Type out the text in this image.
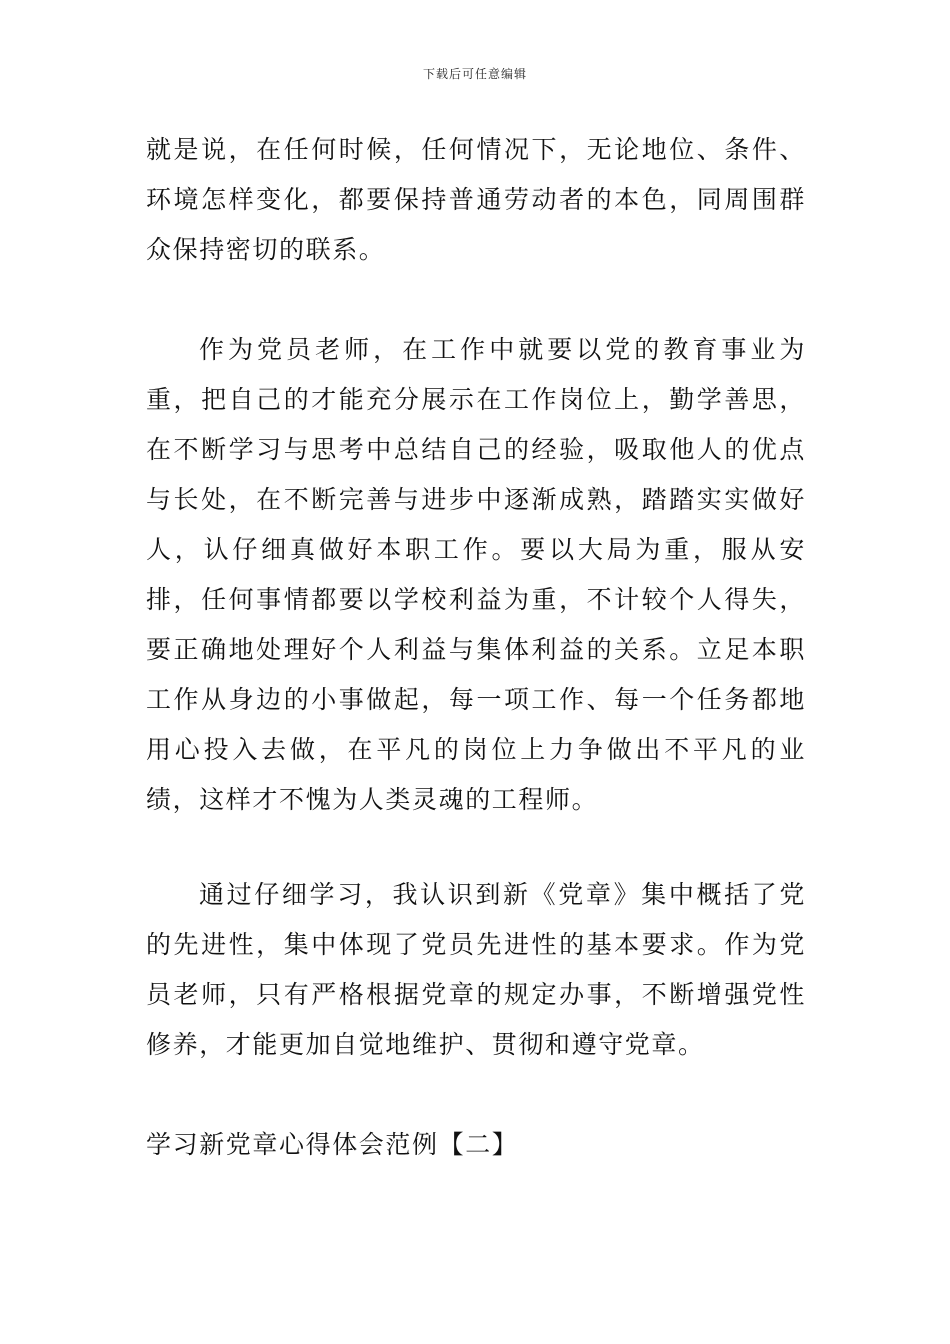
下载后可任意编辑

就是说，在任何时候，任何情况下，无论地位、条件、环境怎样变化，都要保持普通劳动者的本色，同周围群众保持密切的联系。

作为党员老师，在工作中就要以党的教育事业为重，把自己的才能充分展示在工作岗位上，勤学善思，在不断学习与思考中总结自己的经验，吸取他人的优点与长处，在不断完善与进步中逐渐成熟，踏踏实实做好人，认仔细真做好本职工作。要以大局为重，服从安排，任何事情都要以学校利益为重，不计较个人得失，要正确地处理好个人利益与集体利益的关系。立足本职工作从身边的小事做起，每一项工作、每一个任务都地用心投入去做，在平凡的岗位上力争做出不平凡的业绩，这样才不愧为人类灵魂的工程师。

通过仔细学习，我认识到新《党章》集中概括了党的先进性，集中体现了党员先进性的基本要求。作为党员老师，只有严格根据党章的规定办事，不断增强党性修养，才能更加自觉地维护、贯彻和遵守党章。

学习新党章心得体会范例【二】
